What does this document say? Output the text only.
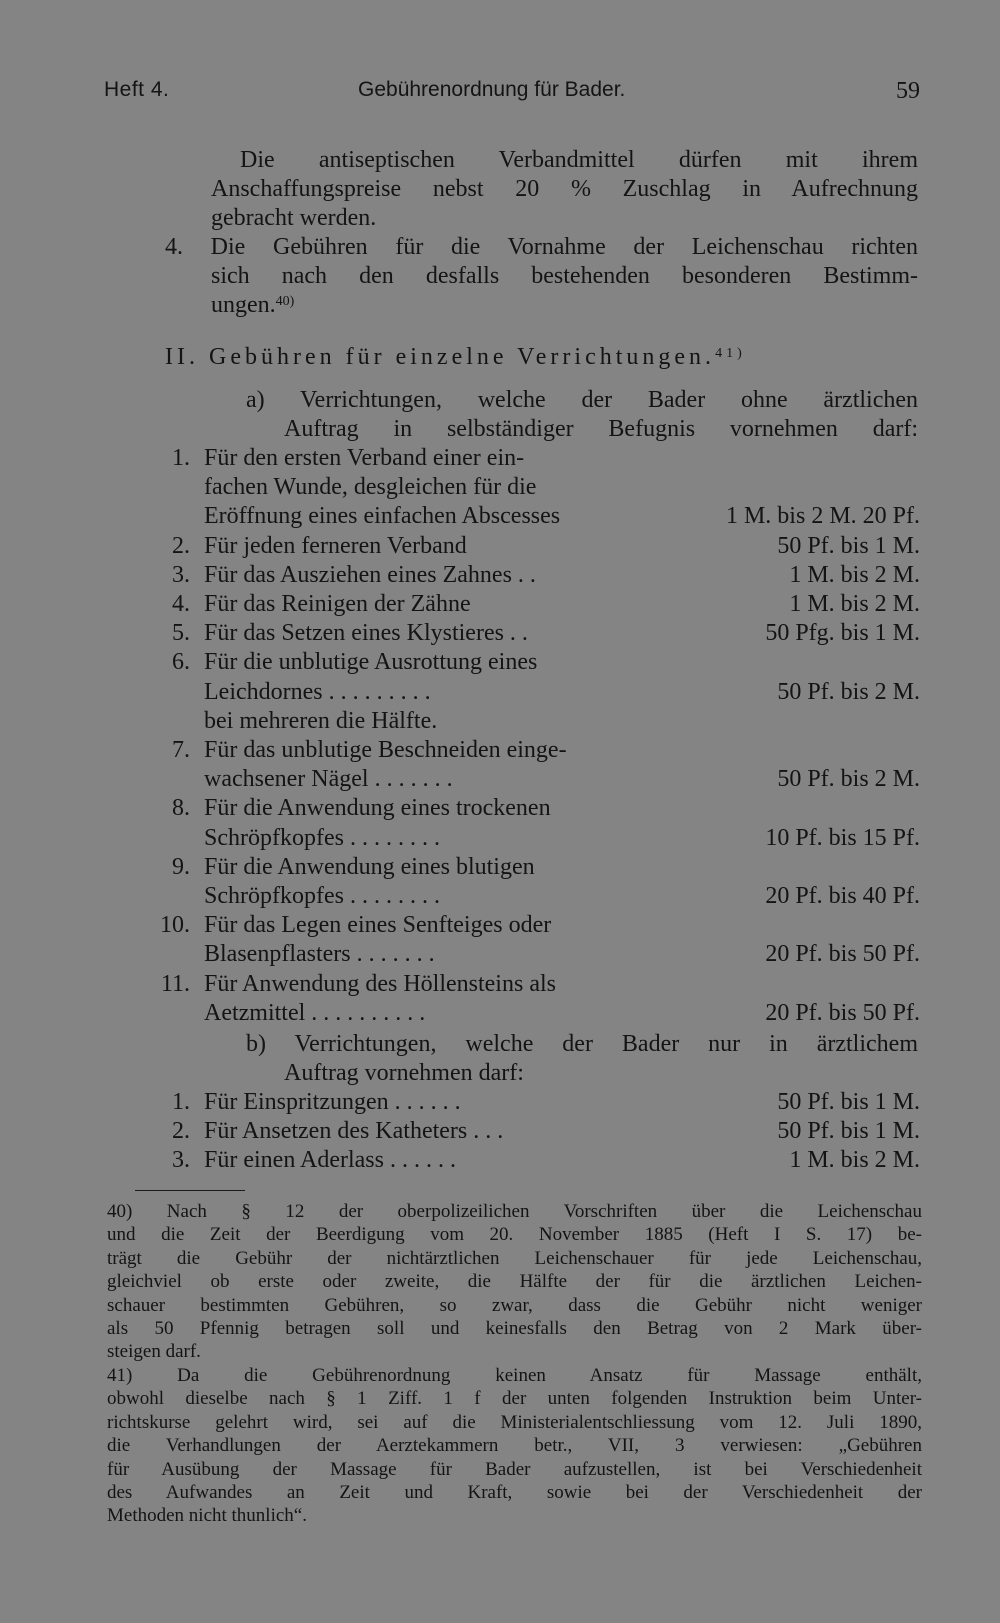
Heft 4.	Gebührenordnung für Bader.	59
Die antiseptischen Verbandmittel dürfen mit ihrem
Anschaffungspreise nebst 20 % Zuschlag in Aufrechnung
gebracht werden.
4. Die Gebühren für die Vornahme der Leichenschau richten
sich nach den desfalls bestehenden besonderen Bestimm-
ungen.$^{40)}$
II. Gebühren für einzelne Verrichtungen.$^{41)}$
a) Verrichtungen, welche der Bader ohne ärztlichen
Auftrag in selbständiger Befugnis vornehmen darf:
1. Für den ersten Verband einer ein-
fachen Wunde, desgleichen für die
Eröffnung eines einfachen Abscesses	1 M. bis 2 M. 20 Pf.
2. Für jeden ferneren Verband	50 Pf. bis 1 M.
3. Für das Ausziehen eines Zahnes . .	1 M. bis 2 M.
4. Für das Reinigen der Zähne	1 M. bis 2 M.
5. Für das Setzen eines Klystieres . .	50 Pfg. bis 1 M.
6. Für die unblutige Ausrottung eines
Leichdornes . . . . . . . . .	50 Pf. bis 2 M.
bei mehreren die Hälfte.
7. Für das unblutige Beschneiden einge-
wachsener Nägel . . . . . . .	50 Pf. bis 2 M.
8. Für die Anwendung eines trockenen
Schröpfkopfes . . . . . . . .	10 Pf. bis 15 Pf.
9. Für die Anwendung eines blutigen
Schröpfkopfes . . . . . . . .	20 Pf. bis 40 Pf.
10. Für das Legen eines Senfteiges oder
Blasenpflasters . . . . . . .	20 Pf. bis 50 Pf.
11. Für Anwendung des Höllensteins als
Aetzmittel . . . . . . . . . .	20 Pf. bis 50 Pf.
b) Verrichtungen, welche der Bader nur in ärztlichem
Auftrag vornehmen darf:
1. Für Einspritzungen . . . . . .	50 Pf. bis 1 M.
2. Für Ansetzen des Katheters . . .	50 Pf. bis 1 M.
3. Für einen Aderlass . . . . . .	1 M. bis 2 M.
40) Nach § 12 der oberpolizeilichen Vorschriften über die Leichenschau
und die Zeit der Beerdigung vom 20. November 1885 (Heft I S. 17) be-
trägt die Gebühr der nichtärztlichen Leichenschauer für jede Leichenschau,
gleichviel ob erste oder zweite, die Hälfte der für die ärztlichen Leichen-
schauer bestimmten Gebühren, so zwar, dass die Gebühr nicht weniger
als 50 Pfennig betragen soll und keinesfalls den Betrag von 2 Mark über-
steigen darf.
41) Da die Gebührenordnung keinen Ansatz für Massage enthält,
obwohl dieselbe nach § 1 Ziff. 1 f der unten folgenden Instruktion beim Unter-
richtskurse gelehrt wird, sei auf die Ministerialentschliessung vom 12. Juli 1890,
die Verhandlungen der Aerztekammern betr., VII, 3 verwiesen: „Gebühren
für Ausübung der Massage für Bader aufzustellen, ist bei Verschiedenheit
des Aufwandes an Zeit und Kraft, sowie bei der Verschiedenheit der
Methoden nicht thunlich“.
